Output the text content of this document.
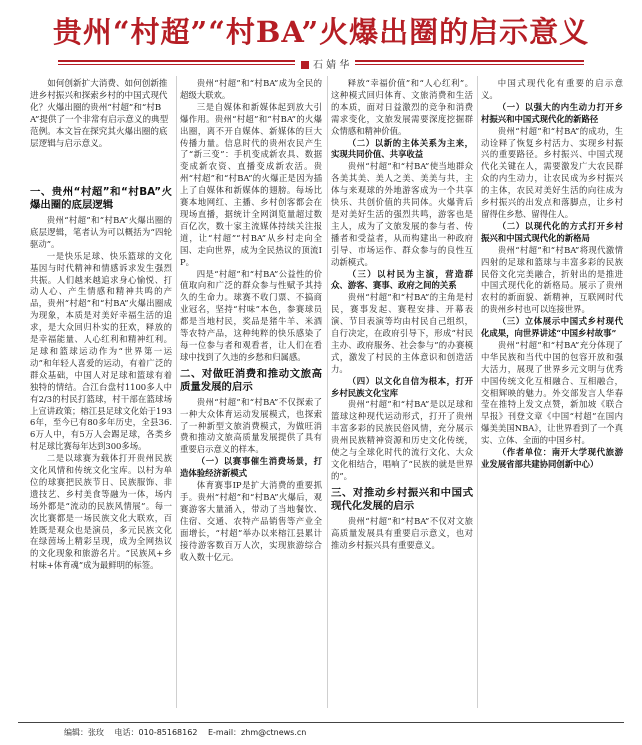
贵州“村超”“村BA”火爆出圈的启示意义
石 婧 华
如何创新扩大消费、如何创新推进乡村振兴和探索乡村的中国式现代化？火爆出圈的贵州“村超”和“村BA”提供了一个非常有启示意义的典型范例。本文旨在探究其火爆出圈的底层逻辑与启示意义。
一、贵州“村超”和“村BA”火爆出圈的底层逻辑

贵州“村超”和“村BA”火爆出圈的底层逻辑，笔者认为可以概括为“四轮驱动”。

一是快乐足球、快乐篮球的文化基因与时代精神和情感诉求发生强烈共振。人们越来越追求身心愉悦、打动人心、产生情感和精神共鸣的产品，贵州“村超”和“村BA”火爆出圈成为现象，本质是对美好幸福生活的追求，是大众回归朴实的狂欢，释放的是幸福能量、人心红利和精神红利。足球和篮球运动作为“世界第一运动”和年轻人喜爱的运动，有着广泛的群众基础，中国人对足球和篮球有着独特的情结。合江台盘村1100多人中有2/3的村民打篮球，村干部在篮球场上宣讲政策；榕江县足球文化始于1936年，至今已有80多年历史，全县36.6万人中，有5万人会踢足球，各类乡村足球比赛每年达到300多场。

二是以球赛为载体打开贵州民族文化风情和传统文化宝库。以村为单位的球赛把民族节日、民族服饰、非遗技艺、乡村美食等融为一体，场内场外都是“流动的民族风情展”。每一次比赛都是一场民族文化大联欢，百姓既是观众也是演员，多元民族文化在绿茵场上精彩呈现，成为全网热议的文化现象和旅游名片。“民族风+乡村味+体育魂”成为最鲜明的标签。

贵州“村超”和“村BA”成为全民的超级大联欢。

三是自媒体和新媒体起到放大引爆作用。贵州“村超”和“村BA”的火爆出圈，离不开自媒体、新媒体的巨大传播力量。信息时代的贵州农民产生了“新三变”：手机变成新农具、数据变成新农资、直播变成新农活。贵州“村超”和“村BA”的火爆正是因为插上了自媒体和新媒体的翅膀。每场比赛本地网红、主播、乡村创客都会在现场直播，据统计全网浏览量超过数百亿次，数十家主流媒体持续关注报道，让“村超”“村BA”从乡村走向全国、走向世界，成为全民热议的顶流IP。

四是“村超”和“村BA”公益性的价值取向和广泛的群众参与性赋予其持久的生命力。球赛不收门票、不搞商业冠名，坚持“村味”本色，参赛球员都是当地村民，奖品是猪牛羊、米酒等农特产品，这种纯粹的快乐感染了每一位参与者和观看者，让人们在看球中找到了久违的乡愁和归属感。

二、对做旺消费和推动文旅高质量发展的启示

贵州“村超”和“村BA”不仅探索了一种大众体育运动发展模式，也探索了一种新型文旅消费模式，为做旺消费和推动文旅高质量发展提供了具有重要启示意义的样本。

（一）以赛事催生消费场景，打造体验经济新模式

体育赛事IP是扩大消费的重要抓手。贵州“村超”和“村BA”火爆后，观赛游客大量涌入，带动了当地餐饮、住宿、交通、农特产品销售等产业全面增长，“村超”举办以来榕江县累计接待游客数百万人次，实现旅游综合收入数十亿元。

释放“幸福价值”和“人心红利”。这种模式回归体育、文旅消费和生活的本质，面对日益激烈的竞争和消费需求变化，文旅发展需要深度挖掘群众情感和精神价值。

（二）以新的主体关系为主来，实现共同价值、共享收益

贵州“村超”和“村BA”使当地群众各美其美、美人之美、美美与共，主体与来观球的外地游客成为一个共享快乐、共创价值的共同体。火爆背后是对美好生活的强烈共鸣，游客也是主人，成为了文旅发展的参与者、传播者和受益者，从而构建出一种政府引导、市场运作、群众参与的良性互动新模式。

（三）以村民为主演，营造群众、游客、赛事、政府之间的关系

贵州“村超”和“村BA”的主角是村民，赛事发起、赛程安排、开幕表演、节目表演等均由村民自己组织，自行决定，在政府引导下，形成“村民主办、政府服务、社会参与”的办赛模式，激发了村民的主体意识和创造活力。

（四）以文化自信为根本，打开乡村民族文化宝库

贵州“村超”和“村BA”是以足球和篮球这种现代运动形式，打开了贵州丰富多彩的民族民俗风情，充分展示贵州民族精神资源和历史文化传统，使之与全球化时代的流行文化、大众文化相结合，唱响了“民族的就是世界的”。

三、对推动乡村振兴和中国式现代化发展的启示

贵州“村超”和“村BA”不仅对文旅高质量发展具有重要启示意义，也对推动乡村振兴具有重要意义。

中国式现代化有重要的启示意义。

（一）以强大的内生动力打开乡村振兴和中国式现代化的新路径

贵州“村超”和“村BA”的成功，生动诠释了恢复乡村活力、实现乡村振兴的重要路径。乡村振兴、中国式现代化关键在人，需要激发广大农民群众的内生动力，让农民成为乡村振兴的主体，农民对美好生活的向往成为乡村振兴的出发点和落脚点，让乡村留得住乡愁、留得住人。

（二）以现代化的方式打开乡村振兴和中国式现代化的新格局

贵州“村超”和“村BA”将现代激情四射的足球和篮球与丰富多彩的民族民俗文化完美融合，折射出的是推进中国式现代化的新格局。展示了贵州农村的新面貌、新精神，互联网时代的贵州乡村也可以连接世界。

（三）立体展示中国式乡村现代化成果，向世界讲述“中国乡村故事”

贵州“村超”和“村BA”充分体现了中华民族和当代中国的包容开放和强大活力，展现了世界乡元文明与优秀中国传统文化互相融合、互相融合，交相辉映的魅力。外交部发言人华春莹在推特上发文点赞，新加坡《联合早报》刊登文章《中国“村超”在国内爆美美国NBA》，让世界看到了一个真实、立体、全面的中国乡村。

（作者单位：南开大学现代旅游业发展省部共建协同创新中心）
编辑：张玫 电话：010-85168162 E-mail：zhm@ctnews.cn
